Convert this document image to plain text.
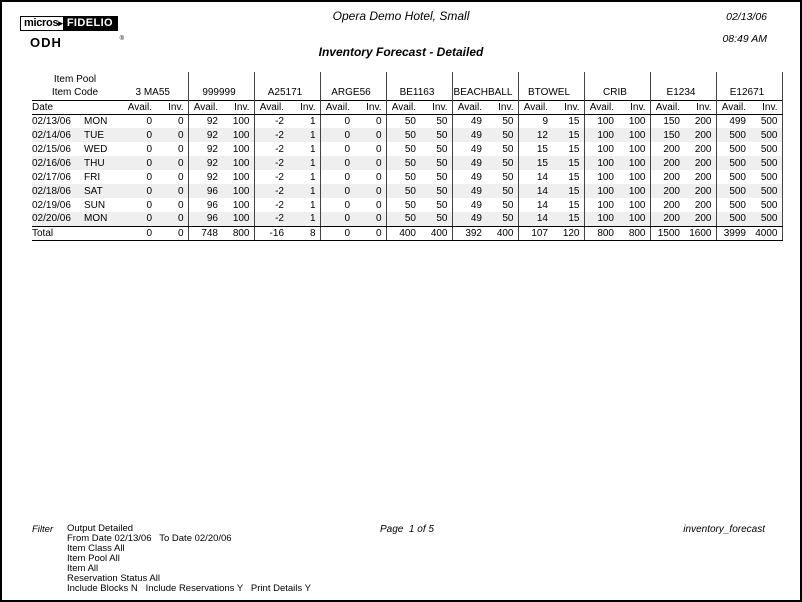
micros ▸ FIDELIO
®
ODH
Opera Demo Hotel, Small	02/13/06
08:49 AM
Inventory Forecast - Detailed
Item Pool																					
Item Code		3 MA55		999999		A25171		ARGE56		BE1163		BEACHBALL		BTOWEL		CRIB		E1234		E12671	
Date		Avail.	Inv.	Avail.	Inv.	Avail.	Inv.	Avail.	Inv.	Avail.	Inv.	Avail.	Inv.	Avail.	Inv.	Avail.	Inv.	Avail.	Inv.	Avail.	Inv.
02/13/06	MON	0	0	92	100	-2	1	0	0	50	50	49	50	9	15	100	100	150	200	499	500
02/14/06	TUE	0	0	92	100	-2	1	0	0	50	50	49	50	12	15	100	100	150	200	500	500
02/15/06	WED	0	0	92	100	-2	1	0	0	50	50	49	50	15	15	100	100	200	200	500	500
02/16/06	THU	0	0	92	100	-2	1	0	0	50	50	49	50	15	15	100	100	200	200	500	500
02/17/06	FRI	0	0	92	100	-2	1	0	0	50	50	49	50	14	15	100	100	200	200	500	500
02/18/06	SAT	0	0	96	100	-2	1	0	0	50	50	49	50	14	15	100	100	200	200	500	500
02/19/06	SUN	0	0	96	100	-2	1	0	0	50	50	49	50	14	15	100	100	200	200	500	500
02/20/06	MON	0	0	96	100	-2	1	0	0	50	50	49	50	14	15	100	100	200	200	500	500
Total		0	0	748	800	-16	8	0	0	400	400	392	400	107	120	800	800	1500	1600	3999	4000
Filter Output Detailed
From Date 02/13/06   To Date 02/20/06
Item Class All
Item Pool All
Item All
Reservation Status All
Include Blocks N   Include Reservations Y   Print Details Y
Page  1 of 5	inventory_forecast
